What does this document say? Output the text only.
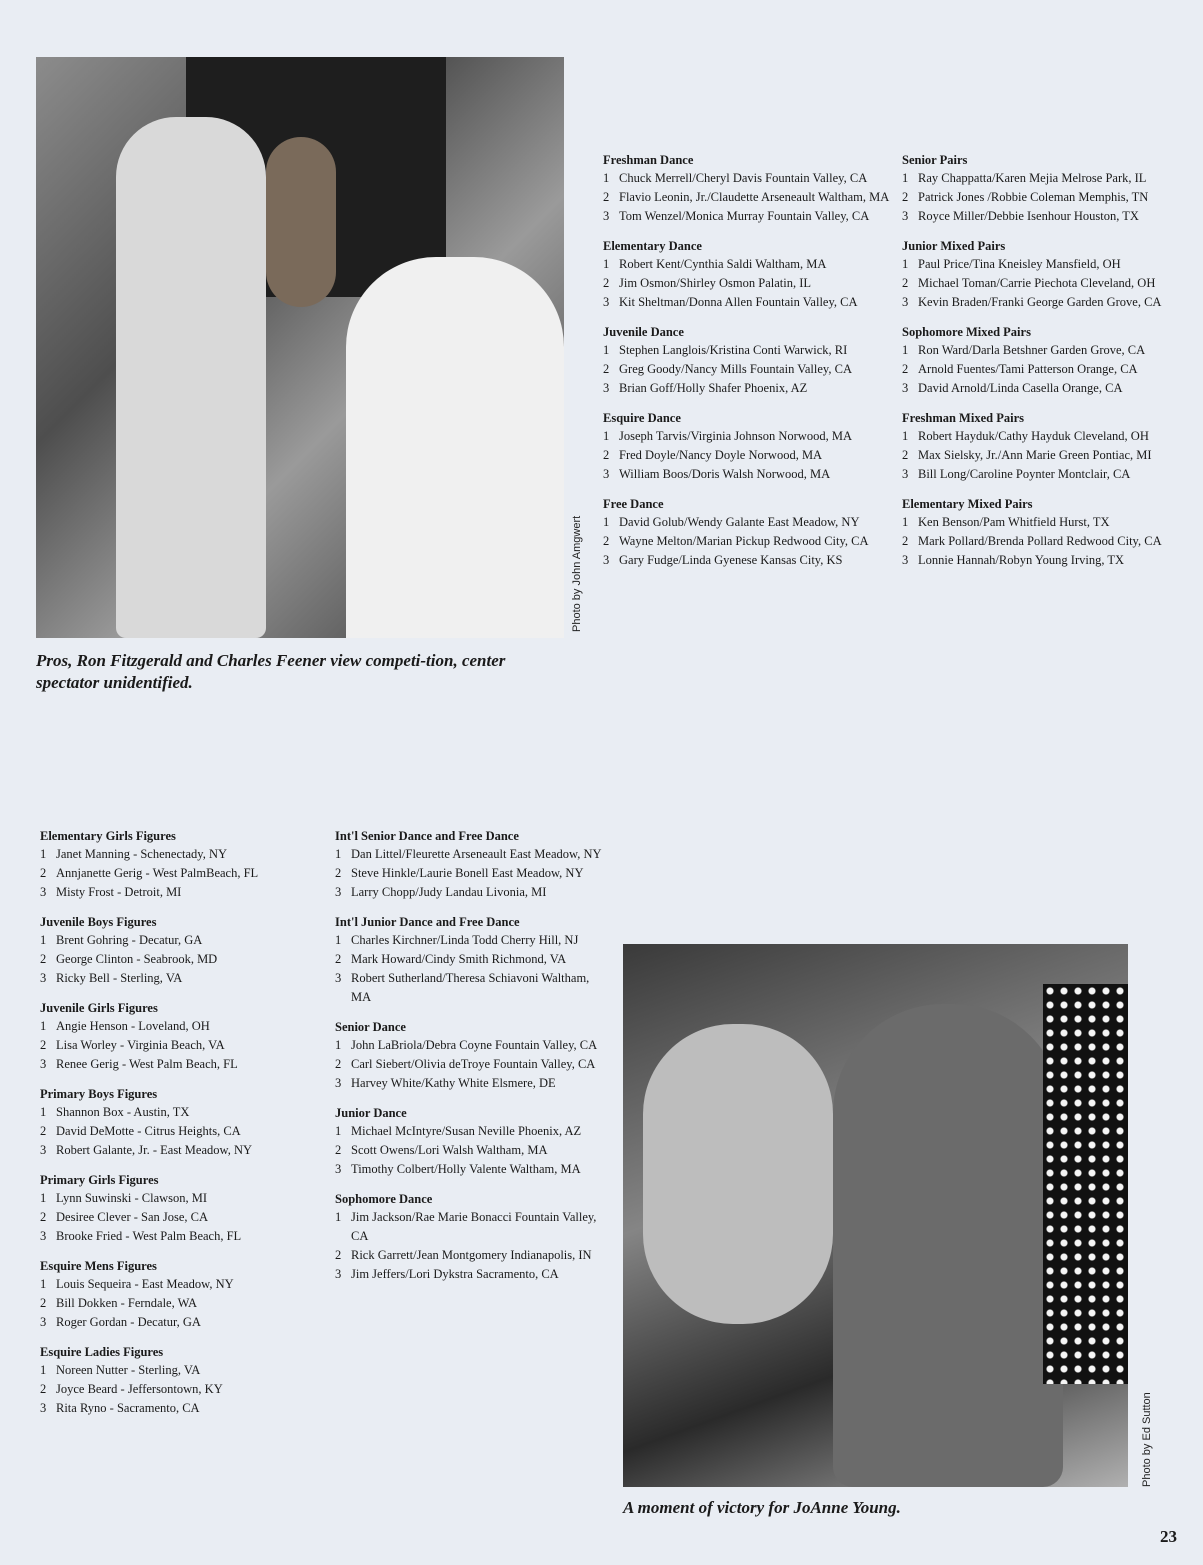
Photo by John Amgwert
Pros, Ron Fitzgerald and Charles Feener view competi-tion, center spectator unidentified.
Photo by Ed Sutton
A moment of victory for JoAnne Young.
Elementary Girls Figures
1 Janet Manning - Schenectady, NY
2 Annjanette Gerig - West PalmBeach, FL
3 Misty Frost - Detroit, MI
Juvenile Boys Figures
1 Brent Gohring - Decatur, GA
2 George Clinton - Seabrook, MD
3 Ricky Bell - Sterling, VA
Juvenile Girls Figures
1 Angie Henson - Loveland, OH
2 Lisa Worley - Virginia Beach, VA
3 Renee Gerig - West Palm Beach, FL
Primary Boys Figures
1 Shannon Box - Austin, TX
2 David DeMotte - Citrus Heights, CA
3 Robert Galante, Jr. - East Meadow, NY
Primary Girls Figures
1 Lynn Suwinski - Clawson, MI
2 Desiree Clever - San Jose, CA
3 Brooke Fried - West Palm Beach, FL
Esquire Mens Figures
1 Louis Sequeira - East Meadow, NY
2 Bill Dokken - Ferndale, WA
3 Roger Gordan - Decatur, GA
Esquire Ladies Figures
1 Noreen Nutter - Sterling, VA
2 Joyce Beard - Jeffersontown, KY
3 Rita Ryno - Sacramento, CA
Int'l Senior Dance and Free Dance
1 Dan Littel/Fleurette Arseneault East Meadow, NY
2 Steve Hinkle/Laurie Bonell East Meadow, NY
3 Larry Chopp/Judy Landau Livonia, MI
Int'l Junior Dance and Free Dance
1 Charles Kirchner/Linda Todd Cherry Hill, NJ
2 Mark Howard/Cindy Smith Richmond, VA
3 Robert Sutherland/Theresa Schiavoni Waltham, MA
Senior Dance
1 John LaBriola/Debra Coyne Fountain Valley, CA
2 Carl Siebert/Olivia deTroye Fountain Valley, CA
3 Harvey White/Kathy White Elsmere, DE
Junior Dance
1 Michael McIntyre/Susan Neville Phoenix, AZ
2 Scott Owens/Lori Walsh Waltham, MA
3 Timothy Colbert/Holly Valente Waltham, MA
Sophomore Dance
1 Jim Jackson/Rae Marie Bonacci Fountain Valley, CA
2 Rick Garrett/Jean Montgomery Indianapolis, IN
3 Jim Jeffers/Lori Dykstra Sacramento, CA
Freshman Dance
1 Chuck Merrell/Cheryl Davis Fountain Valley, CA
2 Flavio Leonin, Jr./Claudette Arseneault Waltham, MA
3 Tom Wenzel/Monica Murray Fountain Valley, CA
Elementary Dance
1 Robert Kent/Cynthia Saldi Waltham, MA
2 Jim Osmon/Shirley Osmon Palatin, IL
3 Kit Sheltman/Donna Allen Fountain Valley, CA
Juvenile Dance
1 Stephen Langlois/Kristina Conti Warwick, RI
2 Greg Goody/Nancy Mills Fountain Valley, CA
3 Brian Goff/Holly Shafer Phoenix, AZ
Esquire Dance
1 Joseph Tarvis/Virginia Johnson Norwood, MA
2 Fred Doyle/Nancy Doyle Norwood, MA
3 William Boos/Doris Walsh Norwood, MA
Free Dance
1 David Golub/Wendy Galante East Meadow, NY
2 Wayne Melton/Marian Pickup Redwood City, CA
3 Gary Fudge/Linda Gyenese Kansas City, KS
Senior Pairs
1 Ray Chappatta/Karen Mejia Melrose Park, IL
2 Patrick Jones /Robbie Coleman Memphis, TN
3 Royce Miller/Debbie Isenhour Houston, TX
Junior Mixed Pairs
1 Paul Price/Tina Kneisley Mansfield, OH
2 Michael Toman/Carrie Piechota Cleveland, OH
3 Kevin Braden/Franki George Garden Grove, CA
Sophomore Mixed Pairs
1 Ron Ward/Darla Betshner Garden Grove, CA
2 Arnold Fuentes/Tami Patterson Orange, CA
3 David Arnold/Linda Casella Orange, CA
Freshman Mixed Pairs
1 Robert Hayduk/Cathy Hayduk Cleveland, OH
2 Max Sielsky, Jr./Ann Marie Green Pontiac, MI
3 Bill Long/Caroline Poynter Montclair, CA
Elementary Mixed Pairs
1 Ken Benson/Pam Whitfield Hurst, TX
2 Mark Pollard/Brenda Pollard Redwood City, CA
3 Lonnie Hannah/Robyn Young Irving, TX
23
